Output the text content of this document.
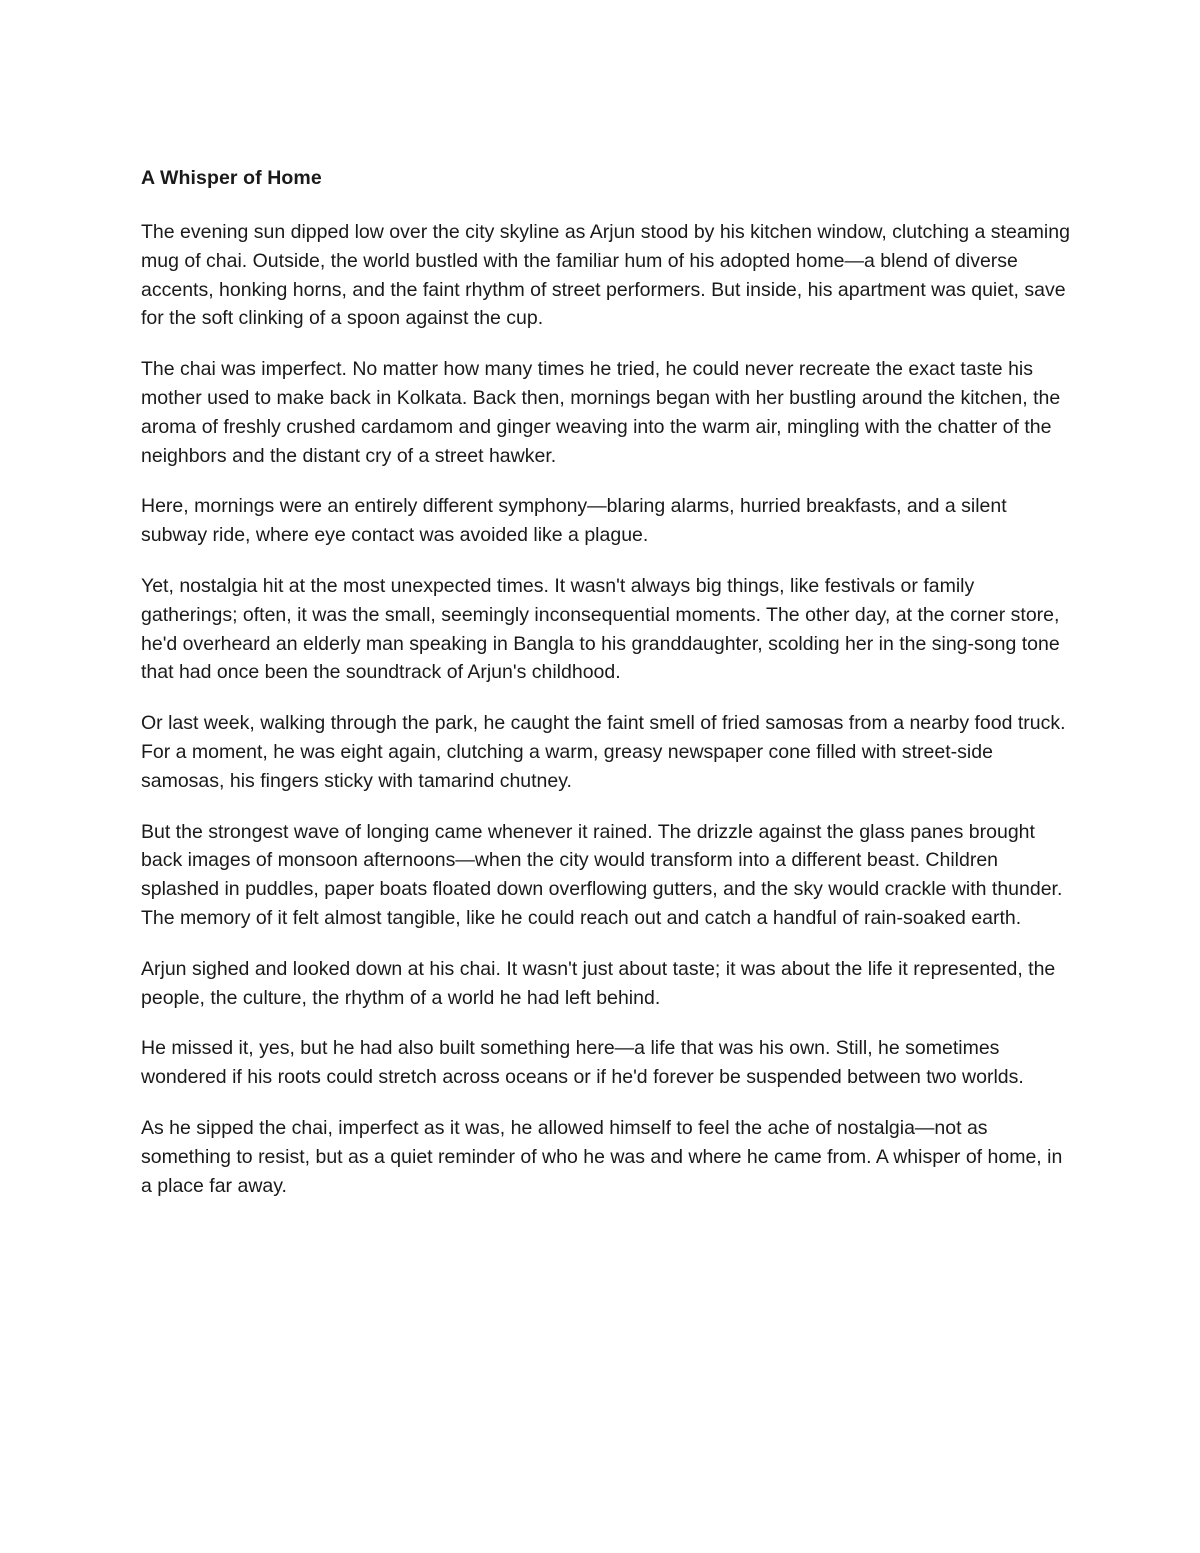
A Whisper of Home

The evening sun dipped low over the city skyline as Arjun stood by his kitchen window, clutching a steaming mug of chai. Outside, the world bustled with the familiar hum of his adopted home—a blend of diverse accents, honking horns, and the faint rhythm of street performers. But inside, his apartment was quiet, save for the soft clinking of a spoon against the cup.

The chai was imperfect. No matter how many times he tried, he could never recreate the exact taste his mother used to make back in Kolkata. Back then, mornings began with her bustling around the kitchen, the aroma of freshly crushed cardamom and ginger weaving into the warm air, mingling with the chatter of the neighbors and the distant cry of a street hawker.

Here, mornings were an entirely different symphony—blaring alarms, hurried breakfasts, and a silent subway ride, where eye contact was avoided like a plague.

Yet, nostalgia hit at the most unexpected times. It wasn't always big things, like festivals or family gatherings; often, it was the small, seemingly inconsequential moments. The other day, at the corner store, he'd overheard an elderly man speaking in Bangla to his granddaughter, scolding her in the sing-song tone that had once been the soundtrack of Arjun's childhood.

Or last week, walking through the park, he caught the faint smell of fried samosas from a nearby food truck. For a moment, he was eight again, clutching a warm, greasy newspaper cone filled with street-side samosas, his fingers sticky with tamarind chutney.

But the strongest wave of longing came whenever it rained. The drizzle against the glass panes brought back images of monsoon afternoons—when the city would transform into a different beast. Children splashed in puddles, paper boats floated down overflowing gutters, and the sky would crackle with thunder. The memory of it felt almost tangible, like he could reach out and catch a handful of rain-soaked earth.

Arjun sighed and looked down at his chai. It wasn't just about taste; it was about the life it represented, the people, the culture, the rhythm of a world he had left behind.

He missed it, yes, but he had also built something here—a life that was his own. Still, he sometimes wondered if his roots could stretch across oceans or if he'd forever be suspended between two worlds.

As he sipped the chai, imperfect as it was, he allowed himself to feel the ache of nostalgia—not as something to resist, but as a quiet reminder of who he was and where he came from. A whisper of home, in a place far away.
